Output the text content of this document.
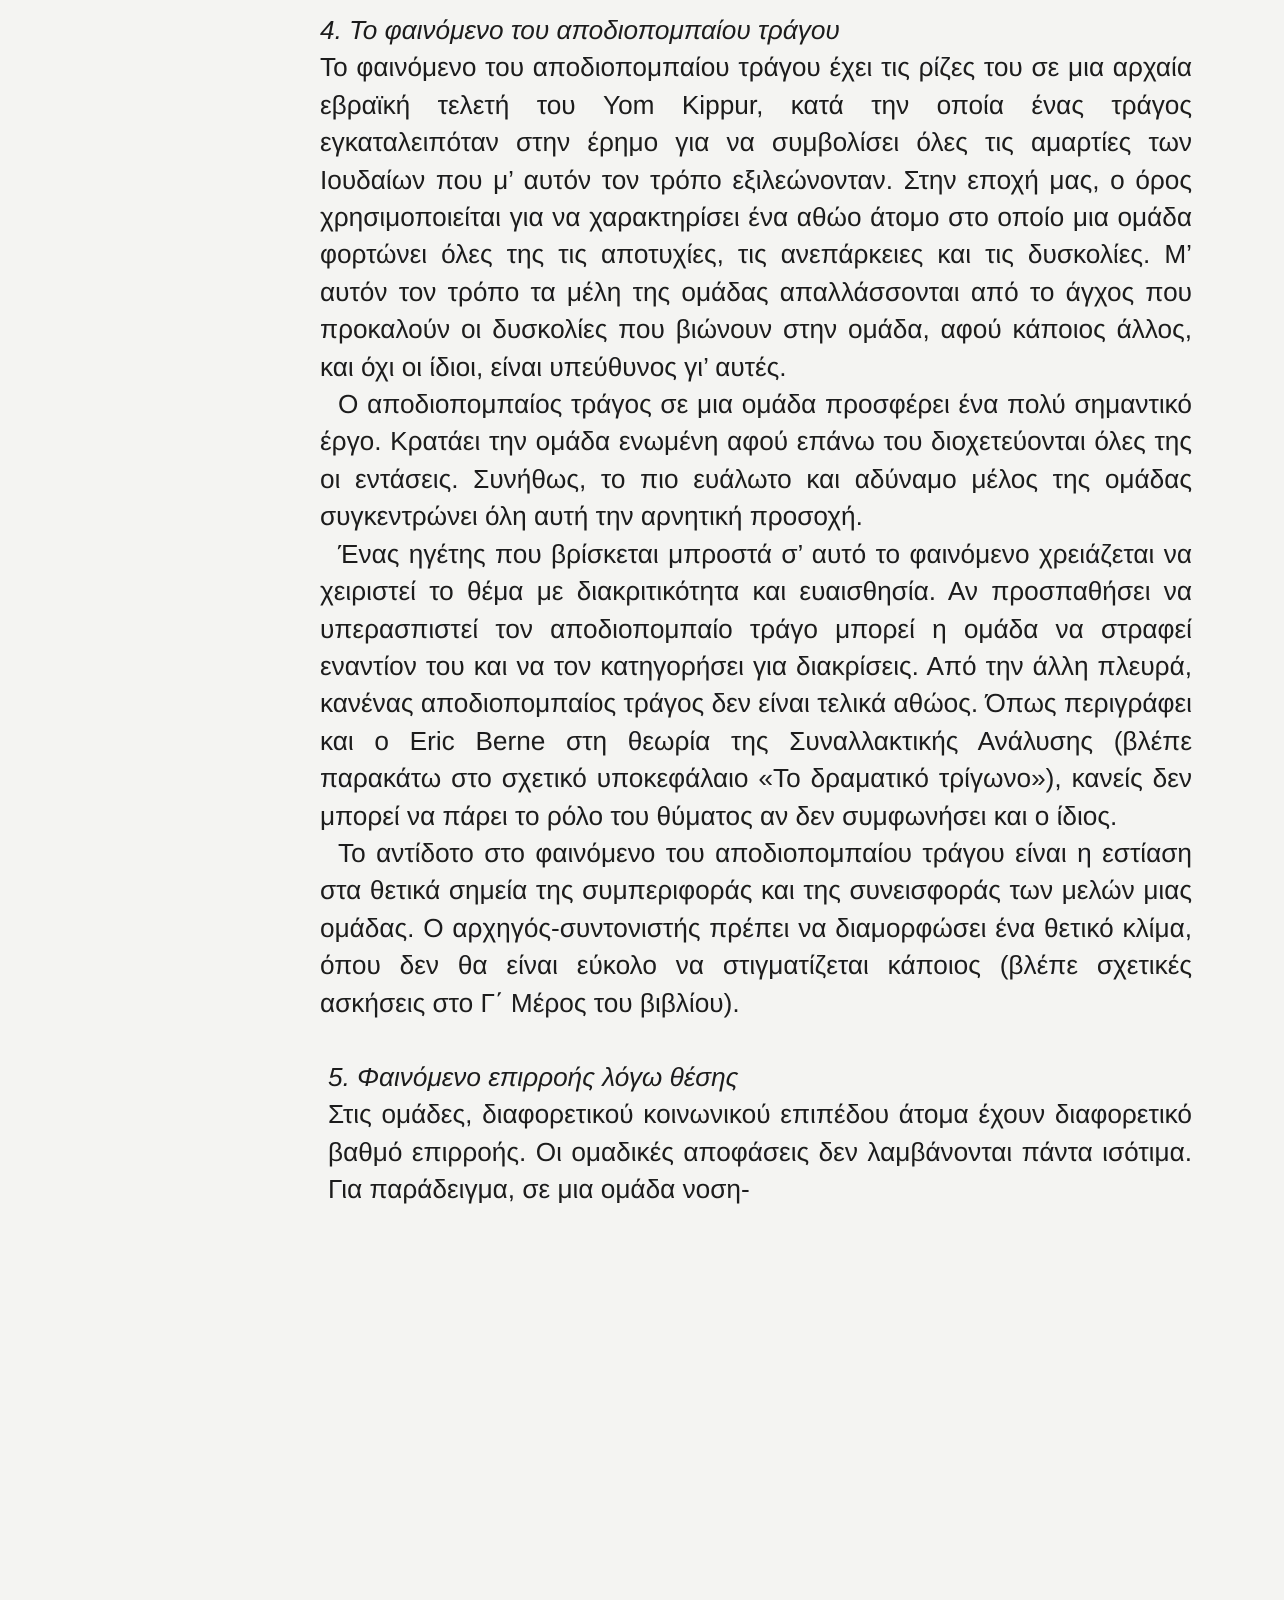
4. Το φαινόμενο του αποδιοπομπαίου τράγου

Το φαινόμενο του αποδιοπομπαίου τράγου έχει τις ρίζες του σε μια αρχαία εβραϊκή τελετή του Yom Kippur, κατά την οποία ένας τράγος εγκαταλειπόταν στην έρημο για να συμβολίσει όλες τις αμαρτίες των Ιουδαίων που μ’ αυτόν τον τρόπο εξιλεώνονταν. Στην εποχή μας, ο όρος χρησιμοποιείται για να χαρακτηρίσει ένα αθώο άτομο στο οποίο μια ομάδα φορτώνει όλες της τις αποτυχίες, τις ανεπάρκειες και τις δυσκολίες. Μ’ αυτόν τον τρόπο τα μέλη της ομάδας απαλλάσσονται από το άγχος που προκαλούν οι δυσκολίες που βιώνουν στην ομάδα, αφού κάποιος άλλος, και όχι οι ίδιοι, είναι υπεύθυνος γι’ αυτές.

Ο αποδιοπομπαίος τράγος σε μια ομάδα προσφέρει ένα πολύ σημαντικό έργο. Κρατάει την ομάδα ενωμένη αφού επάνω του διοχετεύονται όλες της οι εντάσεις. Συνήθως, το πιο ευάλωτο και αδύναμο μέλος της ομάδας συγκεντρώνει όλη αυτή την αρνητική προσοχή.

Ένας ηγέτης που βρίσκεται μπροστά σ’ αυτό το φαινόμενο χρειάζεται να χειριστεί το θέμα με διακριτικότητα και ευαισθησία. Αν προσπαθήσει να υπερασπιστεί τον αποδιοπομπαίο τράγο μπορεί η ομάδα να στραφεί εναντίον του και να τον κατηγορήσει για διακρίσεις. Από την άλλη πλευρά, κανένας αποδιοπομπαίος τράγος δεν είναι τελικά αθώος. Όπως περιγράφει και ο Eric Berne στη θεωρία της Συναλλακτικής Ανάλυσης (βλέπε παρακάτω στο σχετικό υποκεφάλαιο «Το δραματικό τρίγωνο»), κανείς δεν μπορεί να πάρει το ρόλο του θύματος αν δεν συμφωνήσει και ο ίδιος.

Το αντίδοτο στο φαινόμενο του αποδιοπομπαίου τράγου είναι η εστίαση στα θετικά σημεία της συμπεριφοράς και της συνεισφοράς των μελών μιας ομάδας. Ο αρχηγός-συντονιστής πρέπει να διαμορφώσει ένα θετικό κλίμα, όπου δεν θα είναι εύκολο να στιγματίζεται κάποιος (βλέπε σχετικές ασκήσεις στο Γ΄ Μέρος του βιβλίου).

5. Φαινόμενο επιρροής λόγω θέσης

Στις ομάδες, διαφορετικού κοινωνικού επιπέδου άτομα έχουν διαφορετικό βαθμό επιρροής. Οι ομαδικές αποφάσεις δεν λαμβάνονται πάντα ισότιμα. Για παράδειγμα, σε μια ομάδα νοση-
